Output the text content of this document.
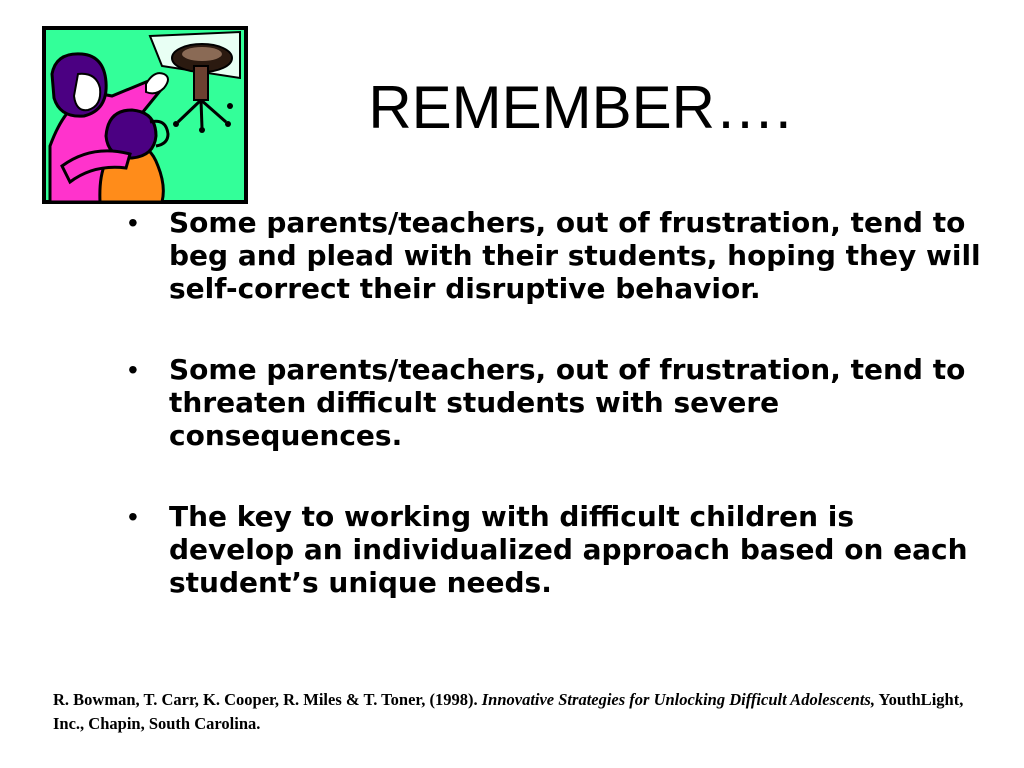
REMEMBER….
• Some parents/teachers, out of frustration, tend to beg and plead with their students, hoping they will self-correct their disruptive behavior.
• Some parents/teachers, out of frustration, tend to threaten difficult students with severe consequences.
• The key to working with difficult children is develop an individualized approach based on each student’s unique needs.
R. Bowman, T. Carr, K. Cooper, R. Miles & T. Toner, (1998). Innovative Strategies for Unlocking Difficult Adolescents, YouthLight, Inc., Chapin, South Carolina.
